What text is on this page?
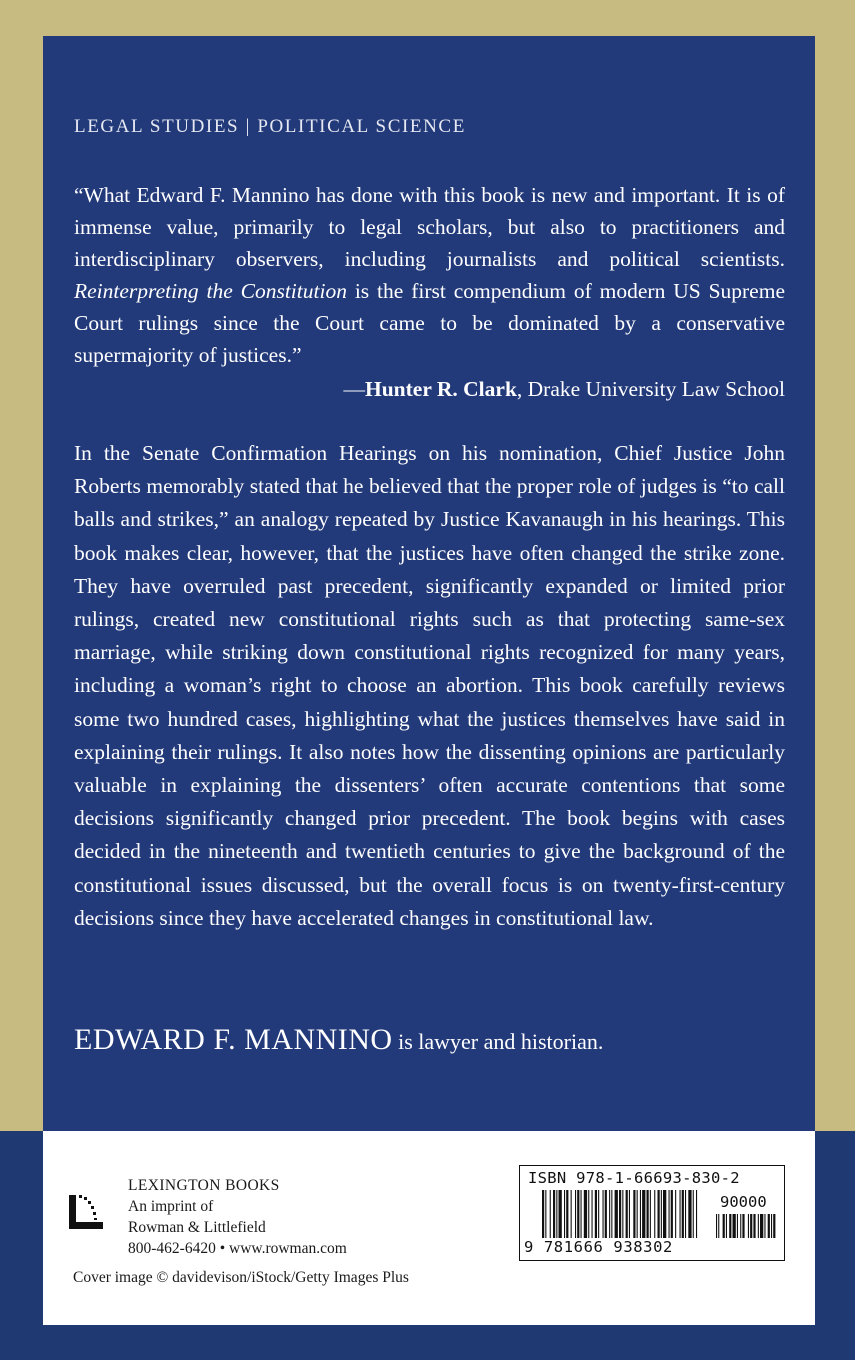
LEGAL STUDIES | POLITICAL SCIENCE

“What Edward F. Mannino has done with this book is new and important. It is of immense value, primarily to legal scholars, but also to practitioners and interdisciplinary observers, including journalists and political scientists. Reinterpreting the Constitution is the first compendium of modern US Supreme Court rulings since the Court came to be dominated by a conservative supermajority of justices.”

—Hunter R. Clark, Drake University Law School

In the Senate Confirmation Hearings on his nomination, Chief Justice John Roberts memorably stated that he believed that the proper role of judges is “to call balls and strikes,” an analogy repeated by Justice Kavanaugh in his hearings. This book makes clear, however, that the justices have often changed the strike zone. They have overruled past precedent, significantly expanded or limited prior rulings, created new constitutional rights such as that protecting same-sex marriage, while striking down constitutional rights recognized for many years, including a woman’s right to choose an abortion. This book carefully reviews some two hundred cases, highlighting what the justices themselves have said in explaining their rulings. It also notes how the dissenting opinions are particularly valuable in explaining the dissenters’ often accurate contentions that some decisions significantly changed prior precedent. The book begins with cases decided in the nineteenth and twentieth centuries to give the background of the constitutional issues discussed, but the overall focus is on twenty-first-century decisions since they have accelerated changes in constitutional law.

EDWARD F. MANNINO is lawyer and historian.
LEXINGTON BOOKS
An imprint of
Rowman & Littlefield
800-462-6420 • www.rowman.com
Cover image © davidevison/iStock/Getty Images Plus
ISBN 978-1-66693-830-2
90000
9 781666 938302
